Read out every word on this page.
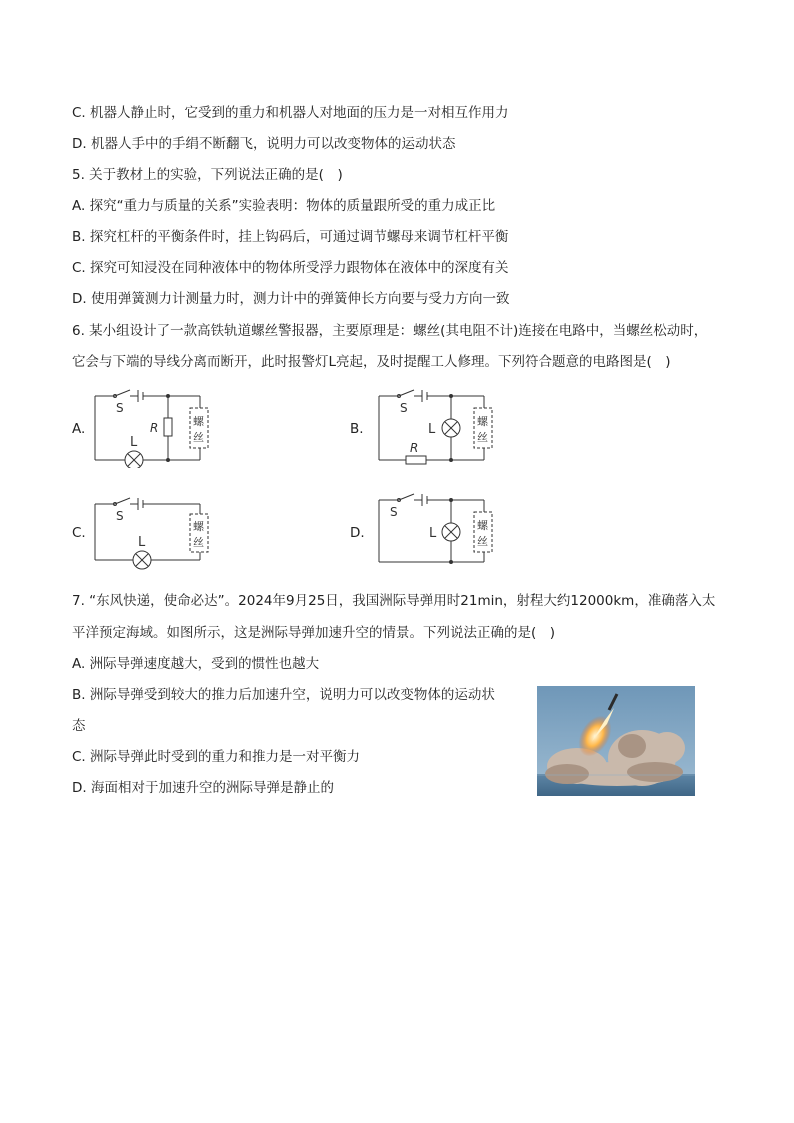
C. 机器人静止时，它受到的重力和机器人对地面的压力是一对相互作用力
D. 机器人手中的手绢不断翻飞，说明力可以改变物体的运动状态
5. 关于教材上的实验，下列说法正确的是(　)
A. 探究“重力与质量的关系”实验表明：物体的质量跟所受的重力成正比
B. 探究杠杆的平衡条件时，挂上钩码后，可通过调节螺母来调节杠杆平衡
C. 探究可知浸没在同种液体中的物体所受浮力跟物体在液体中的深度有关
D. 使用弹簧测力计测量力时，测力计中的弹簧伸长方向要与受力方向一致
6. 某小组设计了一款高铁轨道螺丝警报器，主要原理是：螺丝(其电阻不计)连接在电路中，当螺丝松动时，
它会与下端的导线分离而断开，此时报警灯L亮起，及时提醒工人修理。下列符合题意的电路图是(　)
A.
S
L
R	螺
丝
B.
S
L
R
螺
丝
C.
S
L
螺
丝
D.
S
L
螺
丝
7. “东风快递，使命必达”。2024年9月25日，我国洲际导弹用时21min，射程大约12000km，准确落入太
平洋预定海域。如图所示，这是洲际导弹加速升空的情景。下列说法正确的是(　)
A. 洲际导弹速度越大，受到的惯性也越大
B. 洲际导弹受到较大的推力后加速升空，说明力可以改变物体的运动状
态
C. 洲际导弹此时受到的重力和推力是一对平衡力
D. 海面相对于加速升空的洲际导弹是静止的
